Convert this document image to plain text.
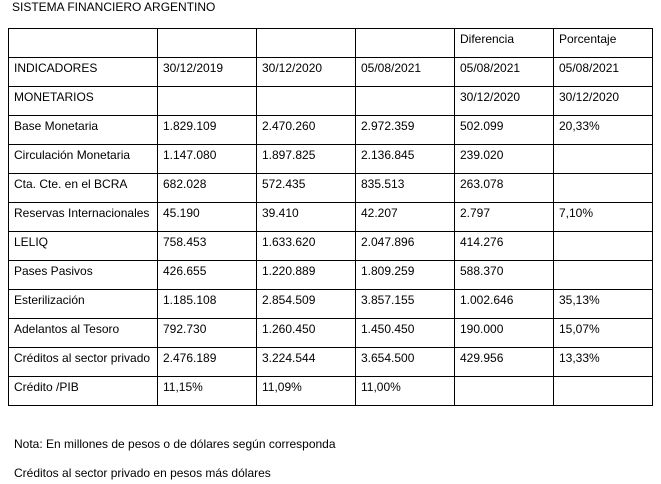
SISTEMA FINANCIERO ARGENTINO

				Diferencia	Porcentaje

INDICADORES	30/12/2019	30/12/2020	05/08/2021	05/08/2021	05/08/2021

MONETARIOS				30/12/2020	30/12/2020

Base Monetaria	1.829.109	2.470.260	2.972.359	502.099	20,33%

Circulación Monetaria	1.147.080	1.897.825	2.136.845	239.020	

Cta. Cte. en el BCRA	682.028	572.435	835.513	263.078	

Reservas Internacionales	45.190	39.410	42.207	2.797	7,10%

LELIQ	758.453	1.633.620	2.047.896	414.276	

Pases Pasivos	426.655	1.220.889	1.809.259	588.370	

Esterilización	1.185.108	2.854.509	3.857.155	1.002.646	35,13%

Adelantos al Tesoro	792.730	1.260.450	1.450.450	190.000	15,07%

Créditos al sector privado	2.476.189	3.224.544	3.654.500	429.956	13,33%

Crédito /PIB	11,15%	11,09%	11,00%		

Nota: En millones de pesos o de dólares según corresponda
Créditos al sector privado en pesos más dólares
